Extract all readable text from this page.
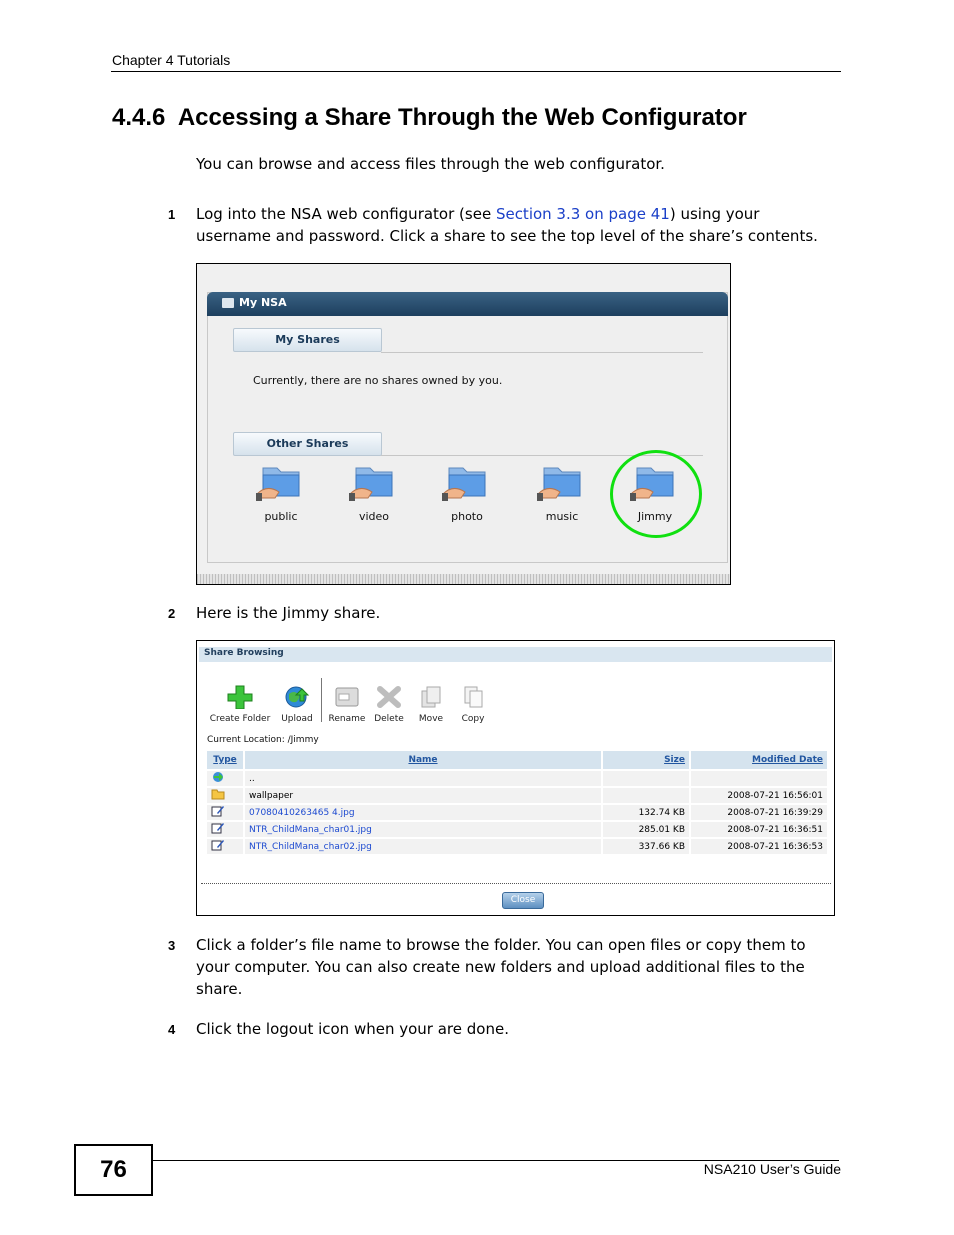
Chapter 4 Tutorials
4.4.6  Accessing a Share Through the Web Configurator
You can browse and access files through the web configurator.
1 Log into the NSA web configurator (see Section 3.3 on page 41) using your
username and password. Click a share to see the top level of the share’s contents.
My NSA
My Shares
Currently, there are no shares owned by you.
Other Shares
public	video	photo	music	Jimmy
2 Here is the Jimmy share.
Share Browsing
Create Folder	Upload	Rename Delete	Move	Copy
Current Location: /Jimmy
Type	Name	Size	Modified Date
	..		
	wallpaper		2008-07-21 16:56:01
	07080410263465 4.jpg	132.74 KB	2008-07-21 16:39:29
	NTR_ChildMana_char01.jpg	285.01 KB	2008-07-21 16:36:51
	NTR_ChildMana_char02.jpg	337.66 KB	2008-07-21 16:36:53
Close
3 Click a folder’s file name to browse the folder. You can open files or copy them to
your computer. You can also create new folders and upload additional files to the
share.
4 Click the logout icon when your are done.
76	NSA210 User’s Guide
